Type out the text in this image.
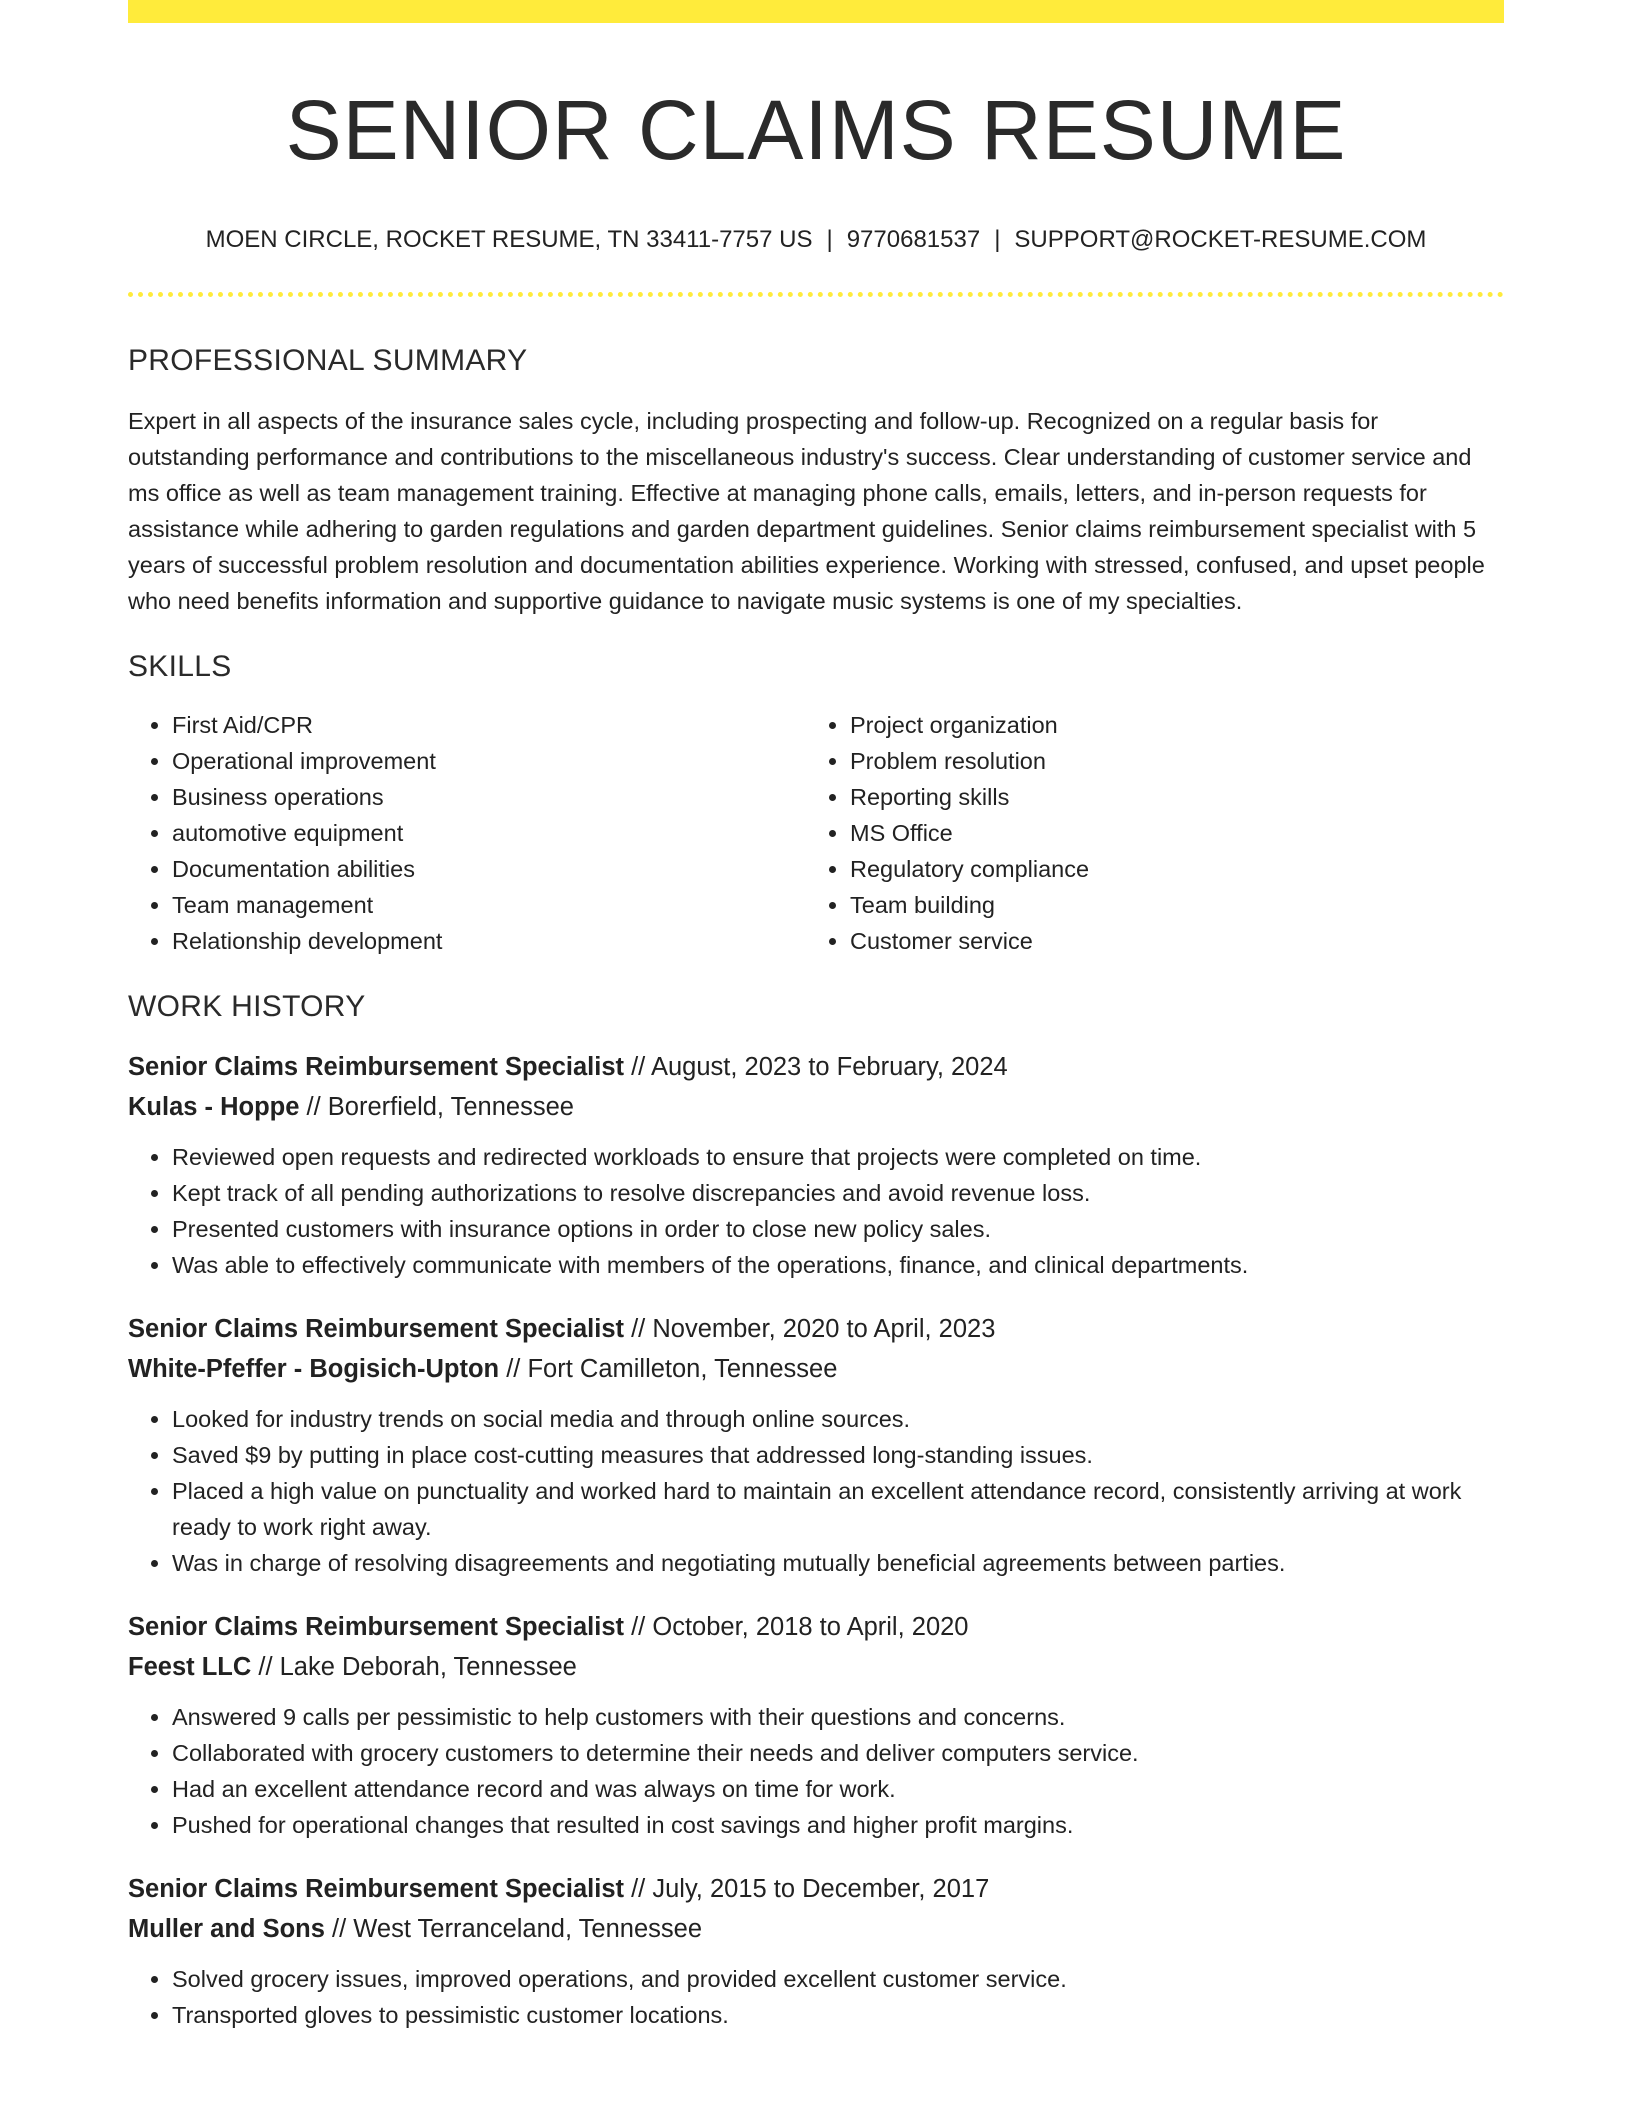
SENIOR CLAIMS RESUME
MOEN CIRCLE, ROCKET RESUME, TN 33411-7757 US | 9770681537 | SUPPORT@ROCKET-RESUME.COM
PROFESSIONAL SUMMARY

Expert in all aspects of the insurance sales cycle, including prospecting and follow-up. Recognized on a regular basis for outstanding performance and contributions to the miscellaneous industry's success. Clear understanding of customer service and ms office as well as team management training. Effective at managing phone calls, emails, letters, and in-person requests for assistance while adhering to garden regulations and garden department guidelines. Senior claims reimbursement specialist with 5 years of successful problem resolution and documentation abilities experience. Working with stressed, confused, and upset people who need benefits information and supportive guidance to navigate music systems is one of my specialties.

SKILLS
• First Aid/CPR
• Operational improvement
• Business operations
• automotive equipment
• Documentation abilities
• Team management
• Relationship development
• Project organization
• Problem resolution
• Reporting skills
• MS Office
• Regulatory compliance
• Team building
• Customer service
WORK HISTORY
Senior Claims Reimbursement Specialist // August, 2023 to February, 2024
Kulas - Hoppe // Borerfield, Tennessee
• Reviewed open requests and redirected workloads to ensure that projects were completed on time.
• Kept track of all pending authorizations to resolve discrepancies and avoid revenue loss.
• Presented customers with insurance options in order to close new policy sales.
• Was able to effectively communicate with members of the operations, finance, and clinical departments.
Senior Claims Reimbursement Specialist // November, 2020 to April, 2023
White-Pfeffer - Bogisich-Upton // Fort Camilleton, Tennessee
• Looked for industry trends on social media and through online sources.
• Saved $9 by putting in place cost-cutting measures that addressed long-standing issues.
• Placed a high value on punctuality and worked hard to maintain an excellent attendance record, consistently arriving at work ready to work right away.
• Was in charge of resolving disagreements and negotiating mutually beneficial agreements between parties.
Senior Claims Reimbursement Specialist // October, 2018 to April, 2020
Feest LLC // Lake Deborah, Tennessee
• Answered 9 calls per pessimistic to help customers with their questions and concerns.
• Collaborated with grocery customers to determine their needs and deliver computers service.
• Had an excellent attendance record and was always on time for work.
• Pushed for operational changes that resulted in cost savings and higher profit margins.
Senior Claims Reimbursement Specialist // July, 2015 to December, 2017
Muller and Sons // West Terranceland, Tennessee
• Solved grocery issues, improved operations, and provided excellent customer service.
• Transported gloves to pessimistic customer locations.
